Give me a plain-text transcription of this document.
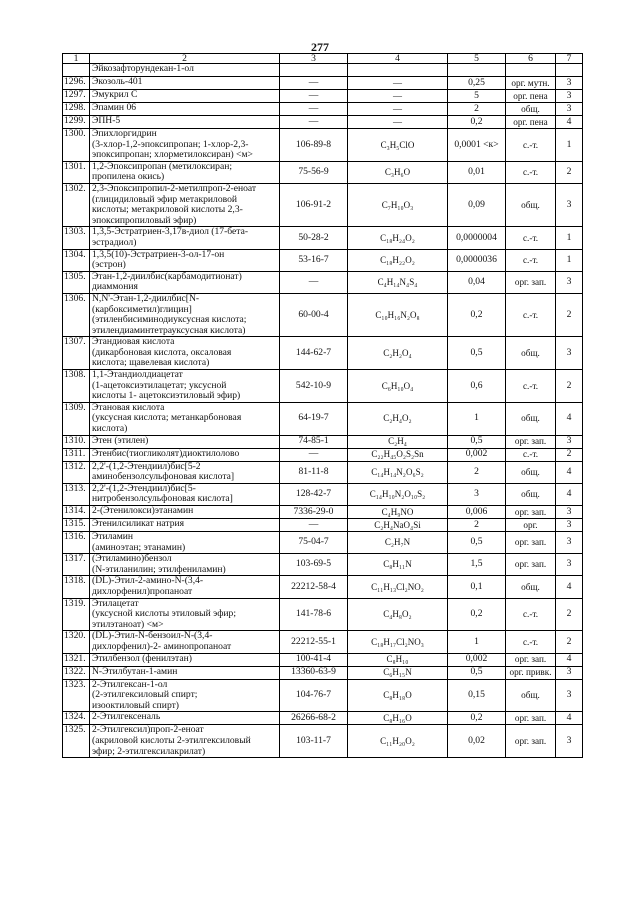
277
1	2	3	4	5	6	7
	Эйкозафторундекан-1-ол					
1296.	Экозоль-401	—	—	0,25	орг. мутн.	3
1297.	Эмукрил С	—	—	5	орг. пена	3
1298.	Эпамин 06	—	—	2	общ.	3
1299.	ЭПН-5	—	—	0,2	орг. пена	4
1300.	Эпихлоргидрин
(3-хлор-1,2-эпоксипропан; 1-хлор-2,3-
эпоксипропан; хлорметилоксиран) <м>	106-89-8	C₃H₅ClO	0,0001 <к>	с.-т.	1
1301.	1,2-Эпоксипропан (метилоксиран;
пропилена окись)	75-56-9	C₃H₆O	0,01	с.-т.	2
1302.	2,3-Эпоксипропил-2-метилпроп-2-еноат
(глицидиловый эфир метакриловой
кислоты; метакриловой кислоты 2,3-
эпоксипропиловый эфир)	106-91-2	C₇H₁₀O₃	0,09	общ.	3
1303.	1,3,5-Эстратриен-3,17в-диол (17-бета-
эстрадиол)	50-28-2	C₁₈H₂₄O₂	0,0000004	с.-т.	1
1304.	1,3,5(10)-Эстратриен-3-ол-17-он
(эстрон)	53-16-7	C₁₈H₂₂O₂	0,0000036	с.-т.	1
1305.	Этан-1,2-диилбис(карбамодитионат)
диаммония	—	C₄H₁₄N₄S₄	0,04	орг. зап.	3
1306.	N,N'-Этан-1,2-диилбис[N-
(карбоксиметил)глицин]
(этиленбисиминодиуксусная кислота;
этилендиаминтетрауксусная кислота)	60-00-4	C₁₀H₁₆N₂O₈	0,2	с.-т.	2
1307.	Этандиовая кислота
(дикарбоновая кислота, оксаловая
кислота; щавелевая кислота)	144-62-7	C₂H₂O₄	0,5	общ.	3
1308.	1,1-Этандиолдиацетат
(1-ацетоксиэтилацетат; уксусной
кислоты 1- ацетоксиэтиловый эфир)	542-10-9	C₆H₁₀O₄	0,6	с.-т.	2
1309.	Этановая кислота
(уксусная кислота; метанкарбоновая
кислота)	64-19-7	C₂H₄O₂	1	общ.	4
1310.	Этен (этилен)	74-85-1	C₂H₄	0,5	орг. зап.	3
1311.	Этенбис(тиогликолят)диоктилолово	—	C₂₂H₄₅O₂S₂Sn	0,002	с.-т.	2
1312.	2,2'-(1,2-Этендиил)бис[5-2
аминобензолсульфоновая кислота]	81-11-8	C₁₄H₁₄N₂O₆S₂	2	общ.	4
1313.	2,2'-(1,2-Этендиил)бис[5-
нитробензолсульфоновая кислота]	128-42-7	C₁₄H₁₀N₂O₁₀S₂	3	общ.	4
1314.	2-(Этенилокси)этанамин	7336-29-0	C₄H₉NO	0,006	орг. зап.	3
1315.	Этенилсиликат натрия	—	C₂H₄NaO₄Si	2	орг.	3
1316.	Этиламин
(аминоэтан; этанамин)	75-04-7	C₂H₇N	0,5	орг. зап.	3
1317.	(Этиламино)бензол
(N-этиланилин; этилфениламин)	103-69-5	C₈H₁₁N	1,5	орг. зап.	3
1318.	(DL)-Этил-2-амино-N-(3,4-
дихлорфенил)пропаноат	22212-58-4	C₁₁H₁₃Cl₂NO₂	0,1	общ.	4
1319.	Этилацетат
(уксусной кислоты этиловый эфир;
этилэтаноат) <м>	141-78-6	C₄H₈O₂	0,2	с.-т.	2
1320.	(DL)-Этил-N-бензоил-N-(3,4-
дихлорфенил)-2- аминопропаноат	22212-55-1	C₁₈H₁₇Cl₂NO₃	1	с.-т.	2
1321.	Этилбензол (фенилэтан)	100-41-4	C₈H₁₀	0,002	орг. зап.	4
1322.	N-Этилбутан-1-амин	13360-63-9	C₆H₁₅N	0,5	орг. привк.	3
1323.	2-Этилгексан-1-ол
(2-этилгексиловый спирт;
изооктиловый спирт)	104-76-7	C₈H₁₈O	0,15	общ.	3
1324.	2-Этилгексеналь	26266-68-2	C₈H₁₆O	0,2	орг. зап.	4
1325.	2-Этилгексил)проп-2-еноат
(акриловой кислоты 2-этилгексиловый
эфир; 2-этилгексилакрилат)	103-11-7	C₁₁H₂₀O₂	0,02	орг. зап.	3
